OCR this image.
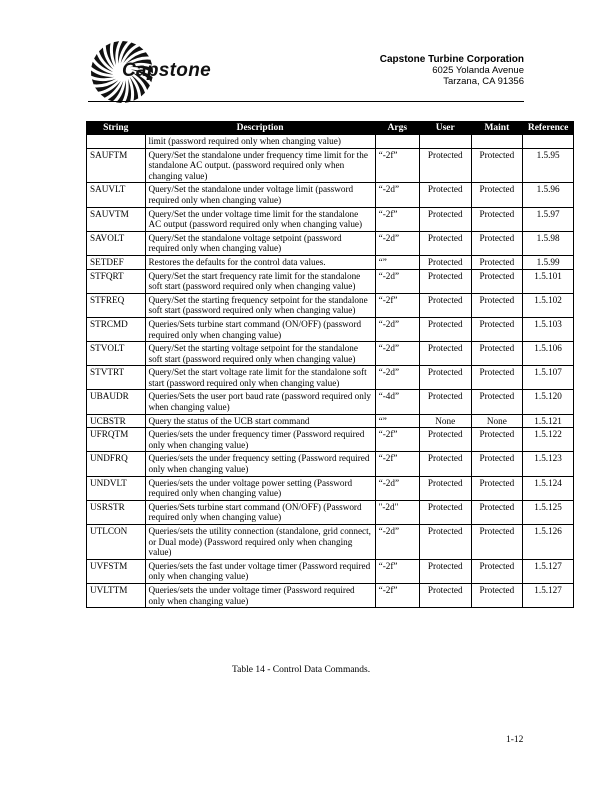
Capstone
Capstone Turbine Corporation
6025 Yolanda Avenue
Tarzana, CA 91356
String	Description	Args	User	Maint	Reference
	limit (password required only when changing value)				
SAUFTM	Query/Set the standalone under frequency time limit for the standalone AC output. (password required only when changing value)	“-2f”	Protected	Protected	1.5.95
SAUVLT	Query/Set the standalone under voltage limit (password required only when changing value)	“-2d”	Protected	Protected	1.5.96
SAUVTM	Query/Set the under voltage time limit for the standalone AC output (password required only when changing value)	“-2f”	Protected	Protected	1.5.97
SAVOLT	Query/Set the standalone voltage setpoint (password required only when changing value)	“-2d”	Protected	Protected	1.5.98
SETDEF	Restores the defaults for the control data values.	“”	Protected	Protected	1.5.99
STFQRT	Query/Set the start frequency rate limit for the standalone soft start (password required only when changing value)	“-2d”	Protected	Protected	1.5.101
STFREQ	Query/Set the starting frequency setpoint for the standalone soft start (password required only when changing value)	“-2f”	Protected	Protected	1.5.102
STRCMD	Queries/Sets turbine start command (ON/OFF) (password required only when changing value)	“-2d”	Protected	Protected	1.5.103
STVOLT	Query/Set the starting voltage setpoint for the standalone soft start (password required only when changing value)	“-2d”	Protected	Protected	1.5.106
STVTRT	Query/Set the start voltage rate limit for the standalone soft start (password required only when changing value)	“-2d”	Protected	Protected	1.5.107
UBAUDR	Queries/Sets the user port baud rate (password required only when changing value)	“-4d”	Protected	Protected	1.5.120
UCBSTR	Query the status of the UCB start command	“”	None	None	1.5.121
UFRQTM	Queries/sets the under frequency timer (Password required only when changing value)	“-2f”	Protected	Protected	1.5.122
UNDFRQ	Queries/sets the under frequency setting (Password required only when changing value)	“-2f”	Protected	Protected	1.5.123
UNDVLT	Queries/sets the under voltage power setting (Password required only when changing value)	“-2d”	Protected	Protected	1.5.124
USRSTR	Queries/Sets turbine start command (ON/OFF) (Password required only when changing value)	"-2d"	Protected	Protected	1.5.125
UTLCON	Queries/sets the utility connection (standalone, grid connect, or Dual mode) (Password required only when changing value)	“-2d”	Protected	Protected	1.5.126
UVFSTM	Queries/sets the fast under voltage timer (Password required only when changing value)	“-2f”	Protected	Protected	1.5.127
UVLTTM	Queries/sets the under voltage timer (Password required only when changing value)	“-2f”	Protected	Protected	1.5.127
Table 14 - Control Data Commands.
1-12
